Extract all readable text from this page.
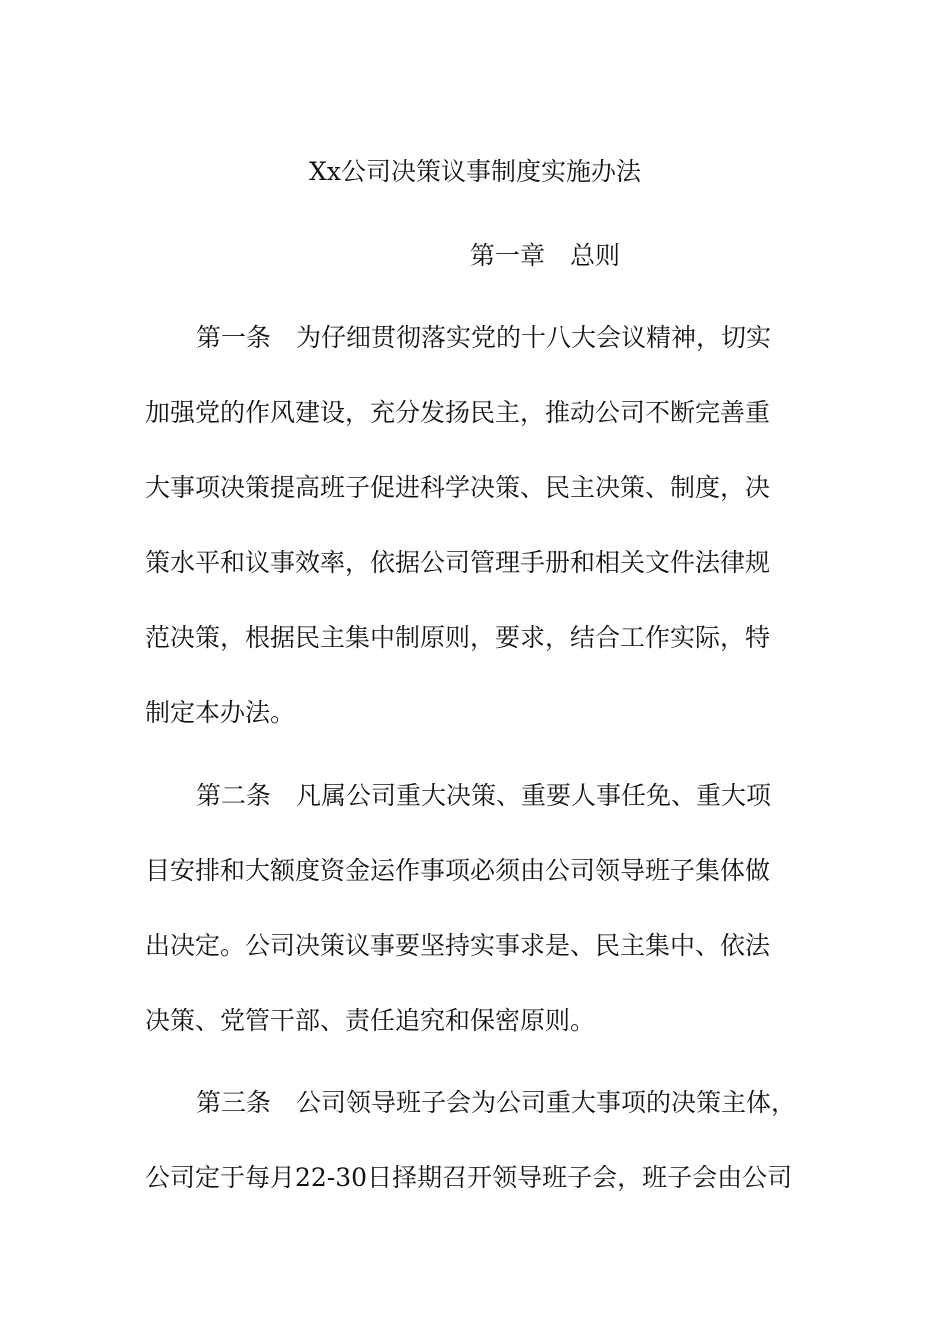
Xx公司决策议事制度实施办法
第一章　总则

第一条　为仔细贯彻落实党的十八大会议精神，切实

加强党的作风建设，充分发扬民主，推动公司不断完善重

大事项决策提高班子促进科学决策、民主决策、制度，决

策水平和议事效率，依据公司管理手册和相关文件法律规

范决策，根据民主集中制原则，要求，结合工作实际，特

制定本办法。

第二条　凡属公司重大决策、重要人事任免、重大项

目安排和大额度资金运作事项必须由公司领导班子集体做

出决定。公司决策议事要坚持实事求是、民主集中、依法

决策、党管干部、责任追究和保密原则。

第三条　公司领导班子会为公司重大事项的决策主体，

公司定于每月22-30日择期召开领导班子会，班子会由公司
